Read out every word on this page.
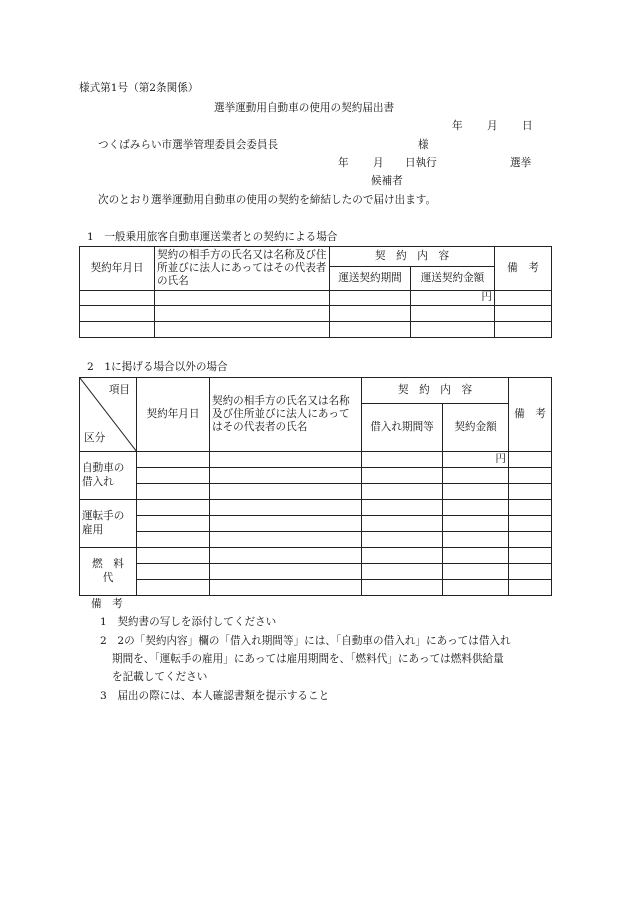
様式第1号（第2条関係）
選挙運動用自動車の使用の契約届出書
年 月 日
つくばみらい市選挙管理委員会委員長	様
年 月 日執行	選挙
候補者
次のとおり選挙運動用自動車の使用の契約を締結したので届け出ます。
1　一般乗用旅客自動車運送業者との契約による場合
契約年月日	契約の相手方の氏名又は名称及び住所並びに法人にあってはその代表者の氏名	契　約　内　容		備　考
		運送契約期間	運送契約金額	
			円	

2　1に掲げる場合以外の場合
項目
区分	契約年月日	契約の相手方の氏名又は名称及び住所並びに法人にあってはその代表者の氏名	契　約　内　容		備　考
			借入れ期間等	契約金額	
自動車の借入れ				円	

運転手の雇用					

燃　料　代					

備　考
1　契約書の写しを添付してください
2　2の「契約内容」欄の「借入れ期間等」には、「自動車の借入れ」にあっては借入れ
期間を、「運転手の雇用」にあっては雇用期間を、「燃料代」にあっては燃料供給量
を記載してください
3　届出の際には、本人確認書類を提示すること
